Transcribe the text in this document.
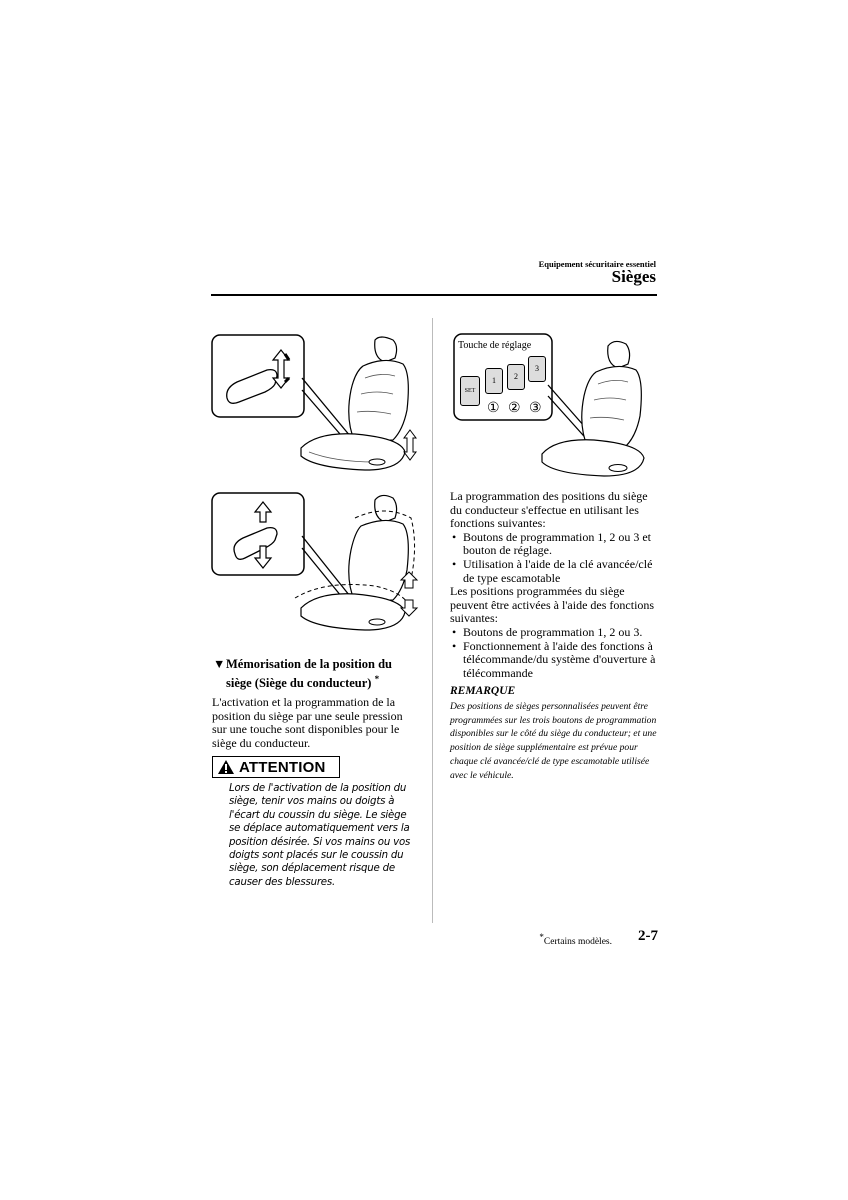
Equipement sécuritaire essentiel
Sièges
Touche de réglage
SET
1	2
3
① ② ③
▼Mémorisation de la position du
siège (Siège du conducteur) *
L'activation et la programmation de la position du siège par une seule pression sur une touche sont disponibles pour le siège du conducteur.
ATTENTION
Lors de l'activation de la position du siège, tenir vos mains ou doigts à l'écart du coussin du siège. Le siège se déplace automatiquement vers la position désirée. Si vos mains ou vos doigts sont placés sur le coussin du siège, son déplacement risque de causer des blessures.
La programmation des positions du siège du conducteur s'effectue en utilisant les fonctions suivantes:
• Boutons de programmation 1, 2 ou 3 et bouton de réglage.
• Utilisation à l'aide de la clé avancée/clé de type escamotable
Les positions programmées du siège peuvent être activées à l'aide des fonctions suivantes:
• Boutons de programmation 1, 2 ou 3.
• Fonctionnement à l'aide des fonctions à télécommande/du système d'ouverture à télécommande
REMARQUE
Des positions de sièges personnalisées peuvent être programmées sur les trois boutons de programmation disponibles sur le côté du siège du conducteur; et une position de siège supplémentaire est prévue pour chaque clé avancée/clé de type escamotable utilisée avec le véhicule.
*Certains modèles.	2-7
